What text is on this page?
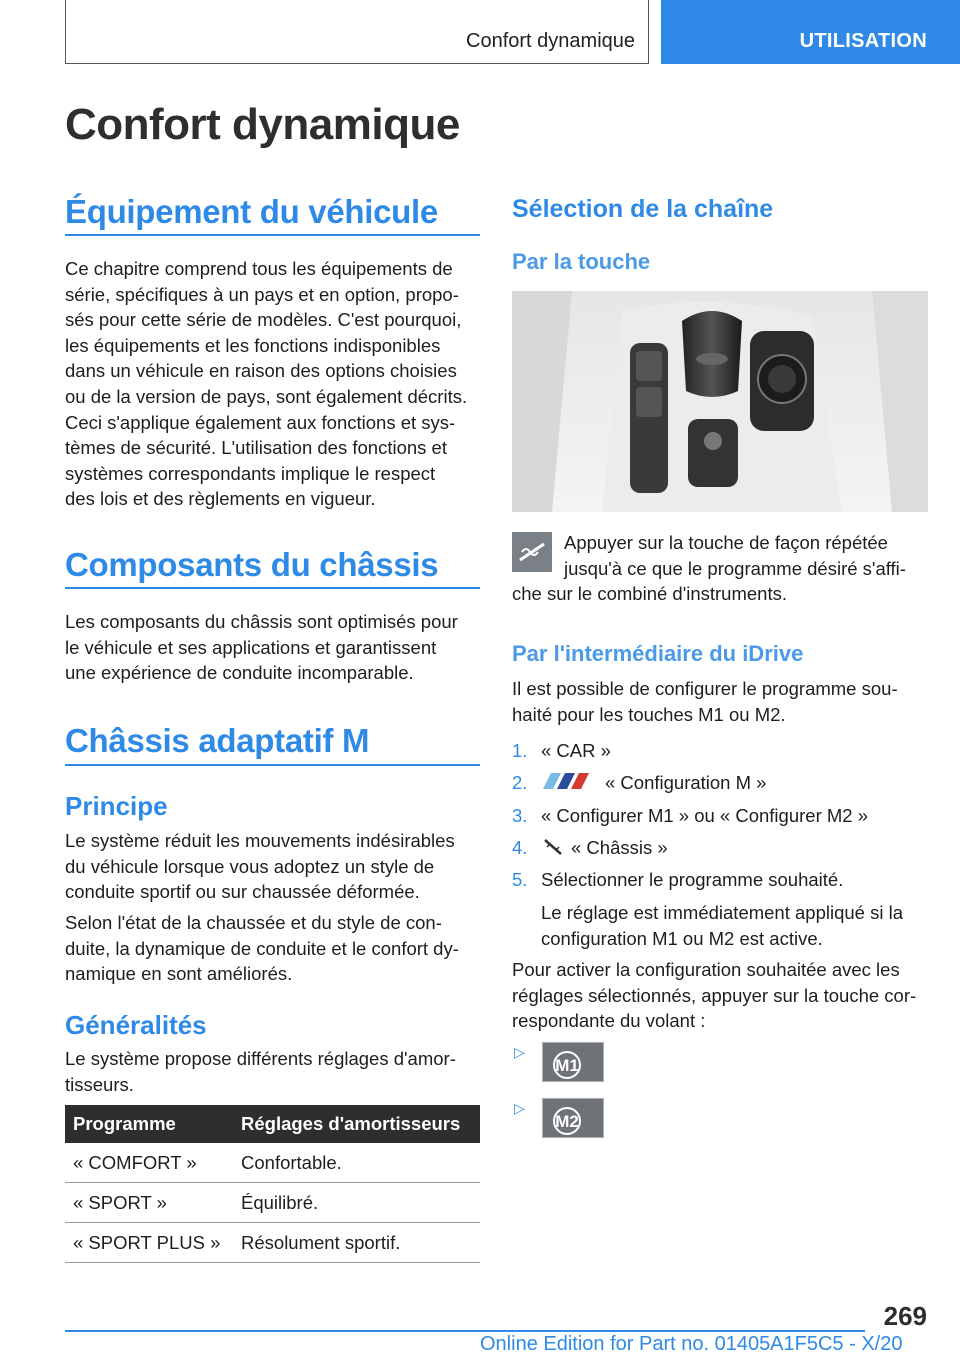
Confort dynamique	UTILISATION
Confort dynamique
Équipement du véhicule
Ce chapitre comprend tous les équipements de
série, spécifiques à un pays et en option, propo‐
sés pour cette série de modèles. C'est pourquoi,
les équipements et les fonctions indisponibles
dans un véhicule en raison des options choisies
ou de la version de pays, sont également décrits.
Ceci s'applique également aux fonctions et sys‐
tèmes de sécurité. L'utilisation des fonctions et
systèmes correspondants implique le respect
des lois et des règlements en vigueur.
Composants du châssis
Les composants du châssis sont optimisés pour
le véhicule et ses applications et garantissent
une expérience de conduite incomparable.
Châssis adaptatif M
Principe
Le système réduit les mouvements indésirables
du véhicule lorsque vous adoptez un style de
conduite sportif ou sur chaussée déformée.
Selon l'état de la chaussée et du style de con‐
duite, la dynamique de conduite et le confort dy‐
namique en sont améliorés.
Généralités
Le système propose différents réglages d'amor‐
tisseurs.
Programme	Réglages d'amortisseurs
« COMFORT »	Confortable.
« SPORT »	Équilibré.
« SPORT PLUS »	Résolument sportif.
Sélection de la chaîne
Par la touche
Appuyer sur la touche de façon répétée
jusqu'à ce que le programme désiré s'affi‐
che sur le combiné d'instruments.
Par l'intermédiaire du iDrive
Il est possible de configurer le programme sou‐
haité pour les touches M1 ou M2.
1. « CAR »
2.	« Configuration M »
3. « Configurer M1 » ou « Configurer M2 »
4. « Châssis »
5. Sélectionner le programme souhaité.
Le réglage est immédiatement appliqué si la
configuration M1 ou M2 est active.
Pour activer la configuration souhaitée avec les
réglages sélectionnés, appuyer sur la touche cor‐
respondante du volant :
▷
M1
▷
M2
269
Online Edition for Part no. 01405A1F5C5 - X/20
